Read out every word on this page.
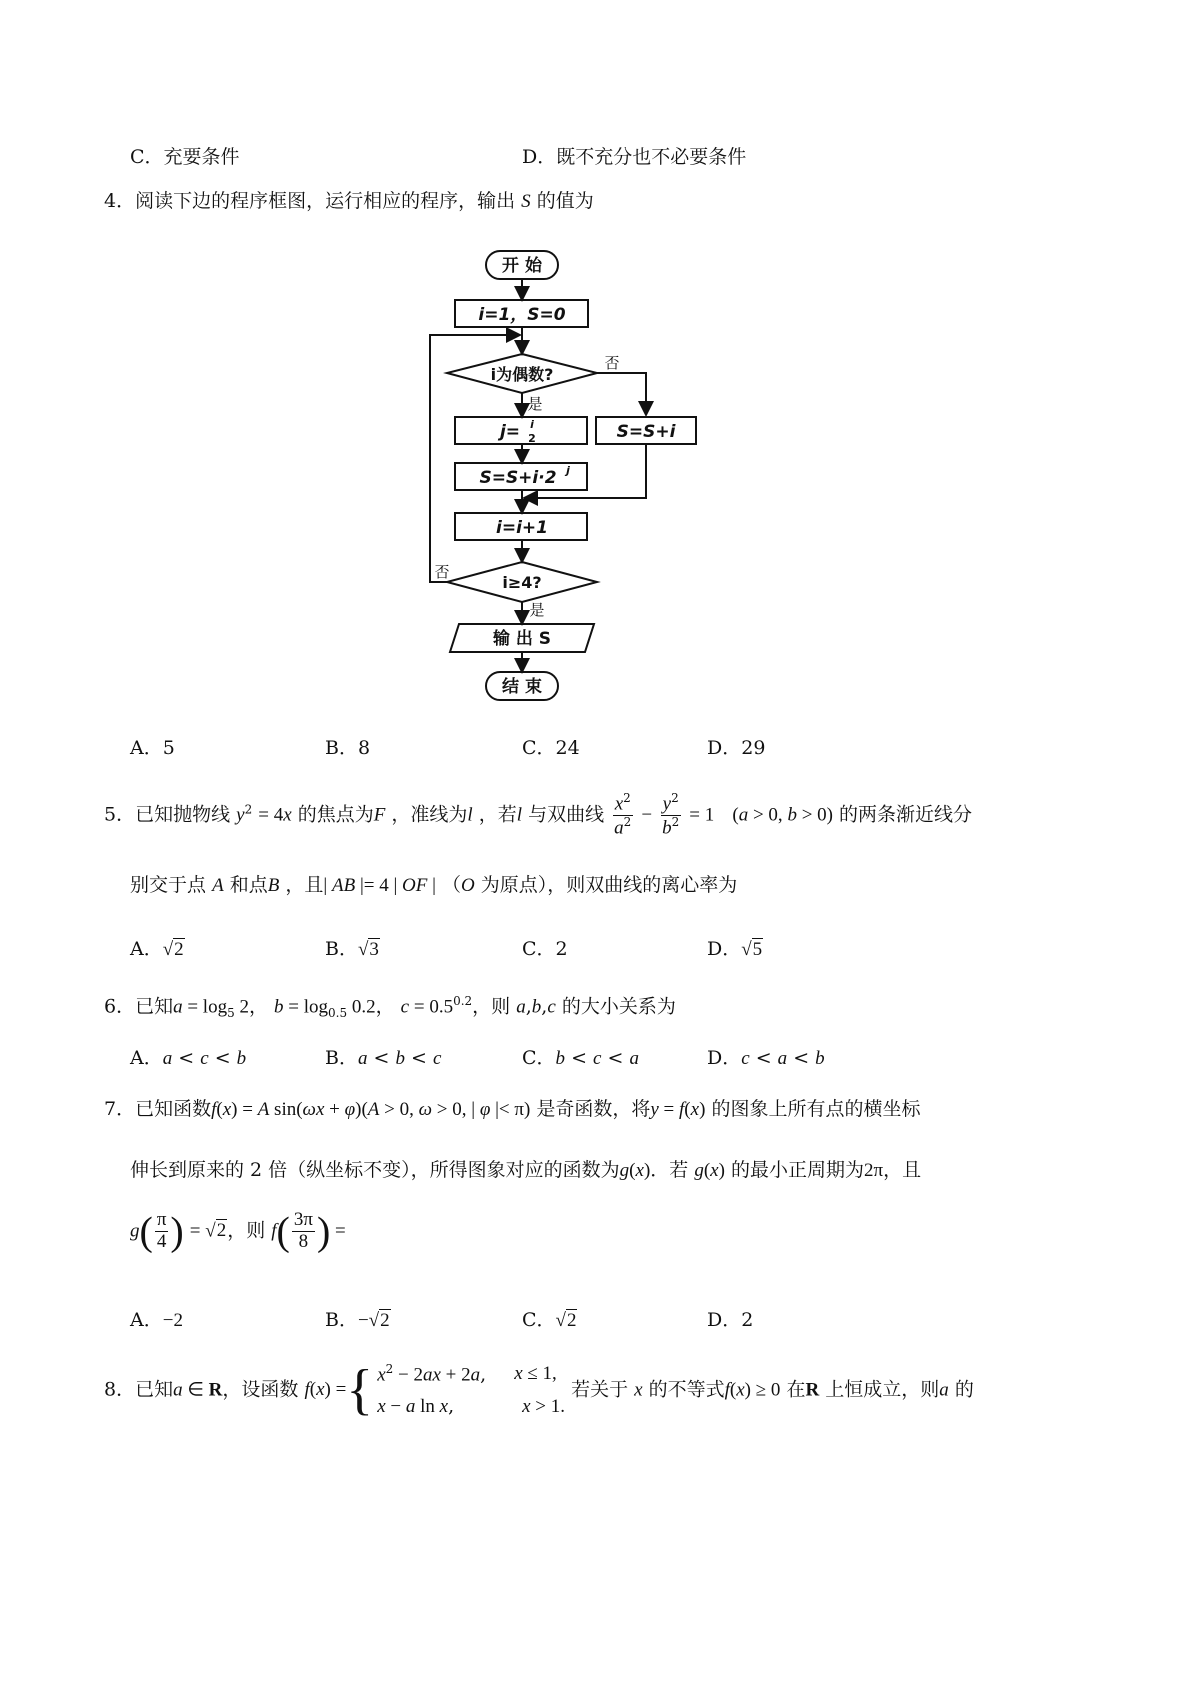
C．充要条件	D．既不充分也不必要条件
4．阅读下边的程序框图，运行相应的程序，输出 S 的值为
开 始
i=1，S=0
i为偶数?
否
是
j= i
2	S=S+i
S=S+i·2 j
i=i+1
i≥4?
否
是
输 出 S
结 束
A．5	B．8	C．24	D．29
5．已知抛物线 $y^2 = 4x$ 的焦点为F ，准线为l ，若l 与双曲线 $\frac{x^2}{a^2} - \frac{y^2}{b^2} = 1$ (a > 0, b > 0) 的两条渐近线分
别交于点 A 和点B ，且| AB |= 4 | OF | （O 为原点），则双曲线的离心率为
A．√2	B．√3	C．2	D．√5
6．已知$a = \log_5 2$， $b = \log_{0.5} 0.2$， $c = 0.5^{0.2}$，则 a,b,c 的大小关系为
A．a < c < b	B．a < b < c	C．b < c < a	D．c < a < b
7．已知函数f(x) = A sin(ωx + φ)(A > 0, ω > 0, | φ |< π) 是奇函数，将y = f(x) 的图象上所有点的横坐标
伸长到原来的 2 倍（纵坐标不变），所得图象对应的函数为g(x)．若 g(x) 的最小正周期为2π，且
$g( \frac{\pi}{4}$ ) = √2，则 $f( \frac{3\pi}{8}$ ) =
A．−2	B．−√2	C．√2	D．2
8．已知a ∈ R，设函数 f ( x ) = { $x^2 - 2ax + 2a$, x ≤ 1,
x − a ln x,	x > 1.
若关于 x 的不等式f(x) ≥ 0 在R 上恒成立，则a 的
